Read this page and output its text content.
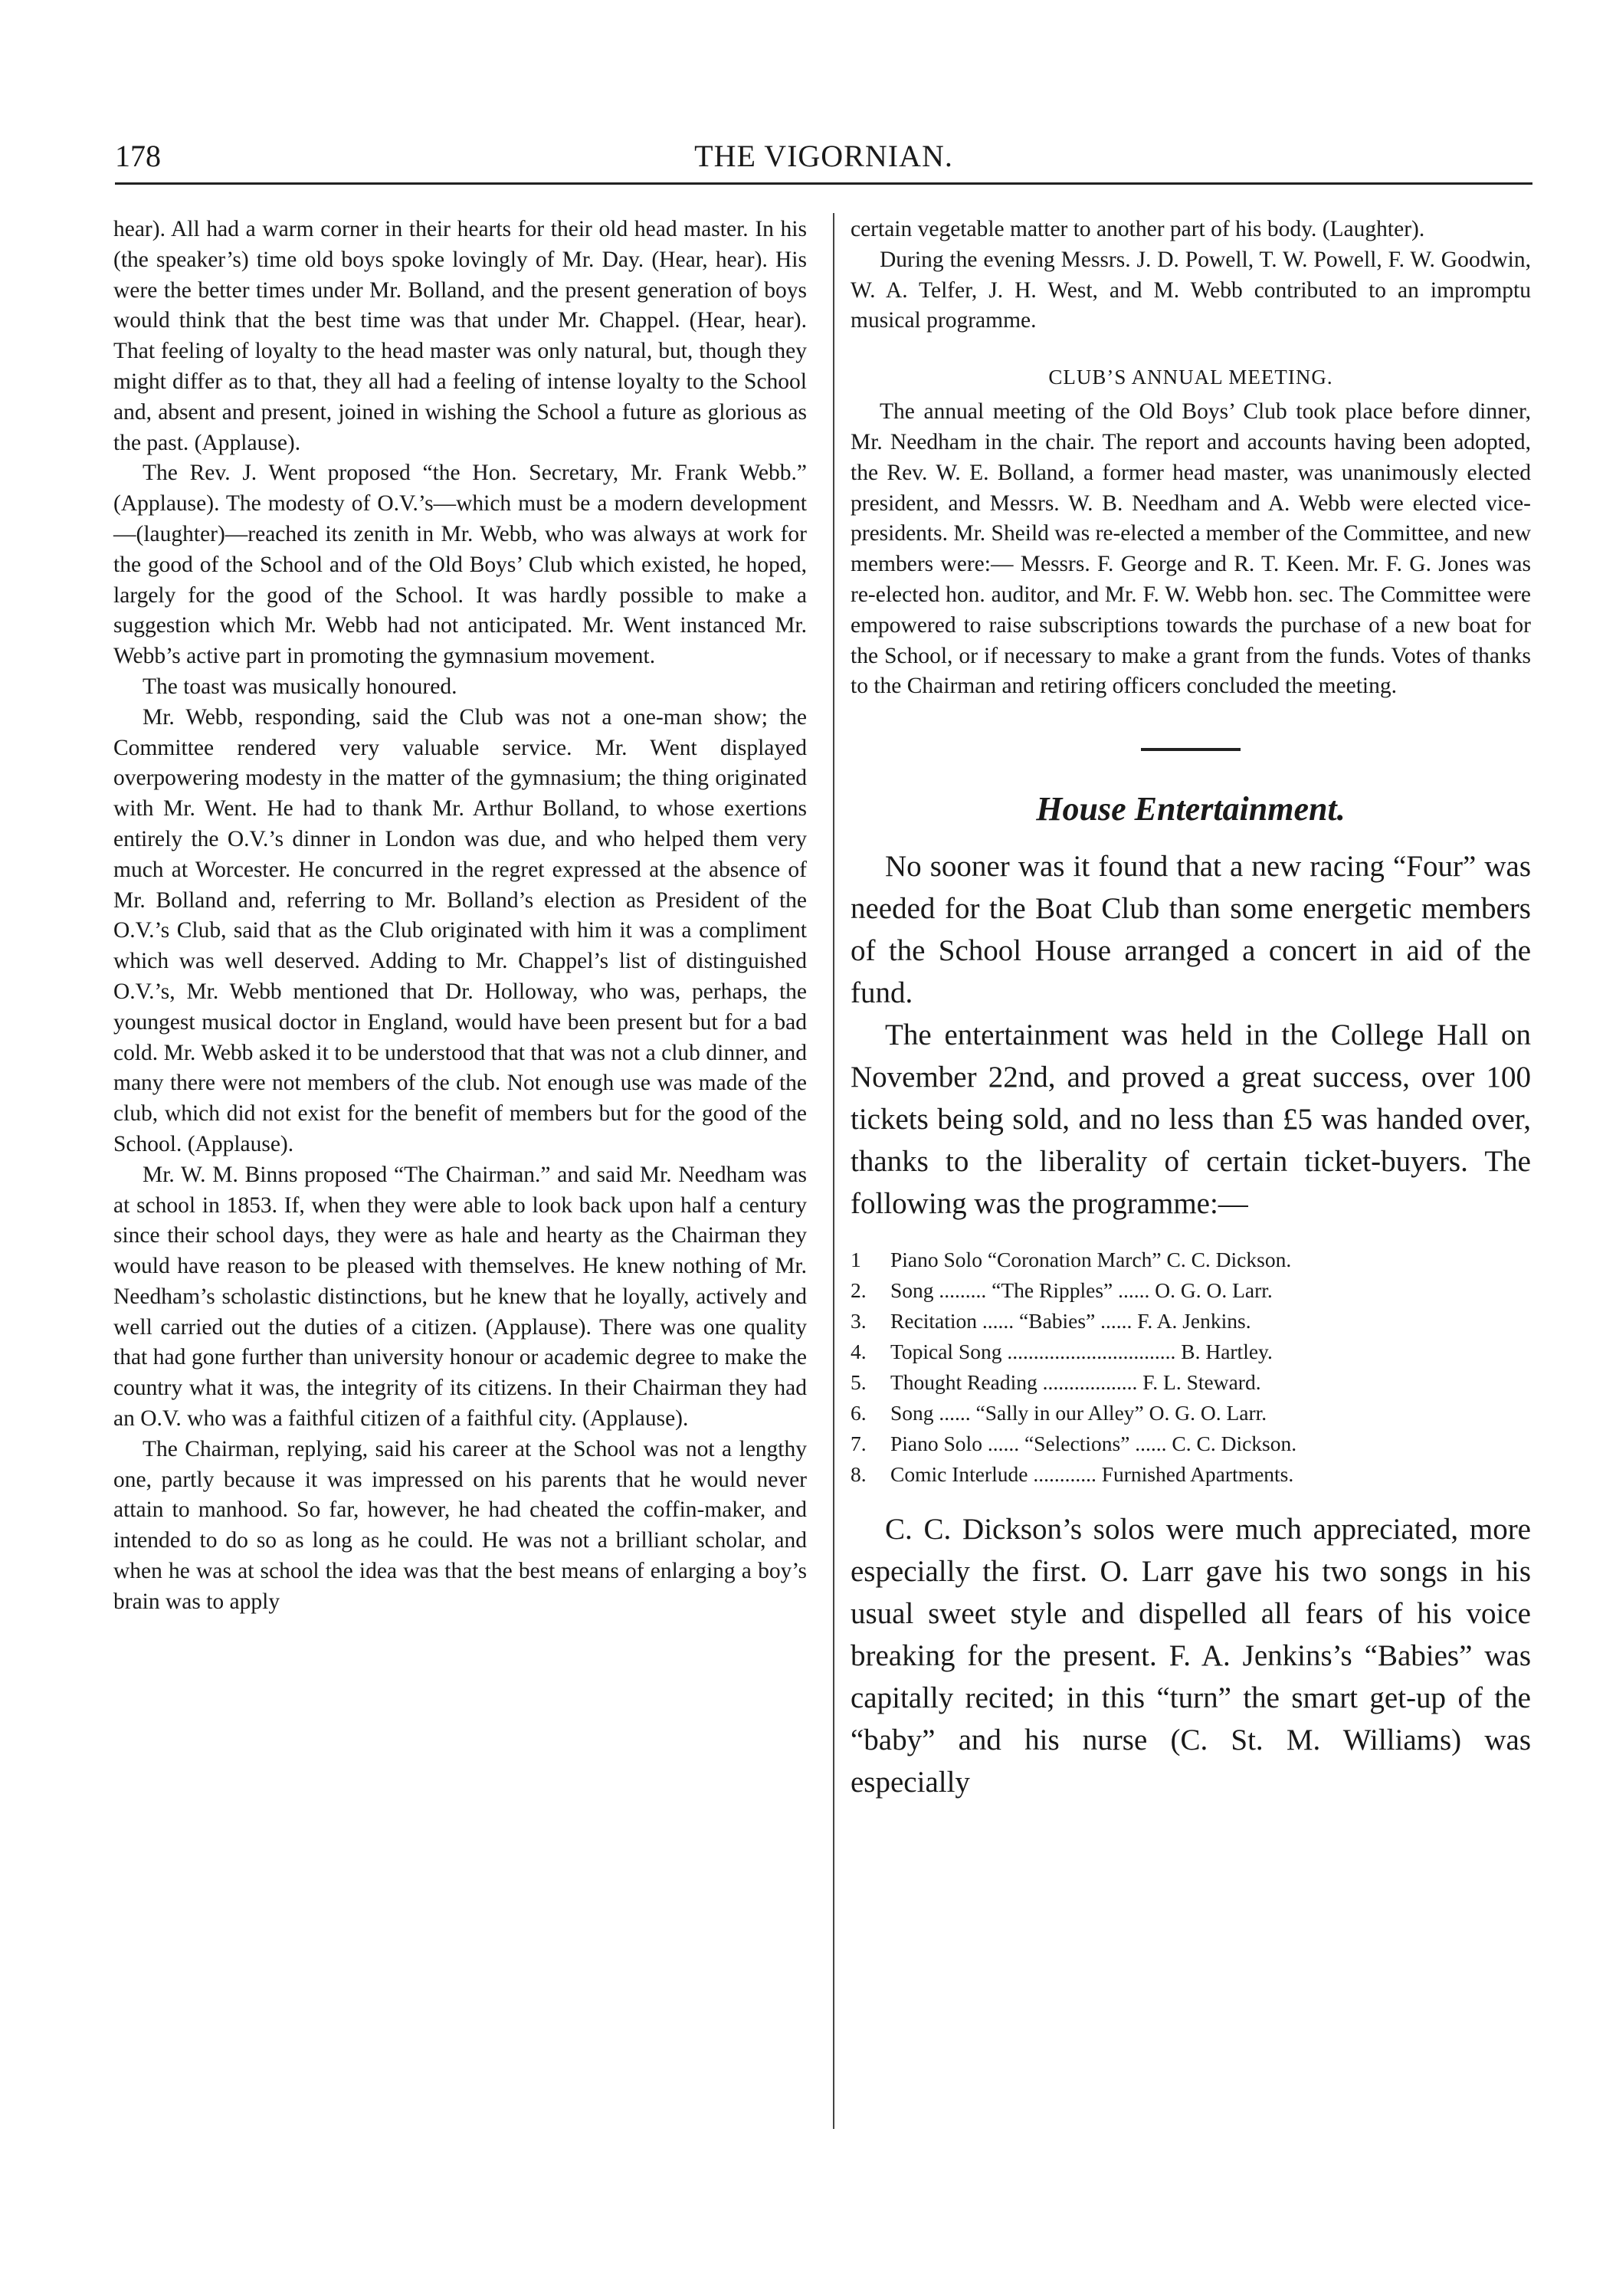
178	THE VIGORNIAN.

hear). All had a warm corner in their hearts for their old head master. In his (the speaker’s) time old boys spoke lovingly of Mr. Day. (Hear, hear). His were the better times under Mr. Bolland, and the present generation of boys would think that the best time was that under Mr. Chappel. (Hear, hear). That feeling of loyalty to the head master was only natural, but, though they might differ as to that, they all had a feeling of intense loyalty to the School and, absent and present, joined in wishing the School a future as glorious as the past. (Applause).

The Rev. J. Went proposed “the Hon. Secretary, Mr. Frank Webb.” (Applause). The modesty of O.V.’s—which must be a modern development—(laughter)—reached its zenith in Mr. Webb, who was always at work for the good of the School and of the Old Boys’ Club which existed, he hoped, largely for the good of the School. It was hardly possible to make a suggestion which Mr. Webb had not anticipated. Mr. Went instanced Mr. Webb’s active part in promoting the gymnasium movement.

The toast was musically honoured.

Mr. Webb, responding, said the Club was not a one-man show; the Committee rendered very valuable service. Mr. Went displayed overpowering modesty in the matter of the gymnasium; the thing originated with Mr. Went. He had to thank Mr. Arthur Bolland, to whose exertions entirely the O.V.’s dinner in London was due, and who helped them very much at Worcester. He concurred in the regret expressed at the absence of Mr. Bolland and, referring to Mr. Bolland’s election as President of the O.V.’s Club, said that as the Club originated with him it was a compliment which was well deserved. Adding to Mr. Chappel’s list of distinguished O.V.’s, Mr. Webb mentioned that Dr. Holloway, who was, perhaps, the youngest musical doctor in England, would have been present but for a bad cold. Mr. Webb asked it to be understood that that was not a club dinner, and many there were not members of the club. Not enough use was made of the club, which did not exist for the benefit of members but for the good of the School. (Applause).

Mr. W. M. Binns proposed “The Chairman.” and said Mr. Needham was at school in 1853. If, when they were able to look back upon half a century since their school days, they were as hale and hearty as the Chairman they would have reason to be pleased with themselves. He knew nothing of Mr. Needham’s scholastic distinctions, but he knew that he loyally, actively and well carried out the duties of a citizen. (Applause). There was one quality that had gone further than university honour or academic degree to make the country what it was, the integrity of its citizens. In their Chairman they had an O.V. who was a faithful citizen of a faithful city. (Applause).

The Chairman, replying, said his career at the School was not a lengthy one, partly because it was impressed on his parents that he would never attain to manhood. So far, however, he had cheated the coffin-maker, and intended to do so as long as he could. He was not a brilliant scholar, and when he was at school the idea was that the best means of enlarging a boy’s brain was to apply

certain vegetable matter to another part of his body. (Laughter).

During the evening Messrs. J. D. Powell, T. W. Powell, F. W. Goodwin, W. A. Telfer, J. H. West, and M. Webb contributed to an impromptu musical programme.

CLUB’S ANNUAL MEETING.

The annual meeting of the Old Boys’ Club took place before dinner, Mr. Needham in the chair. The report and accounts having been adopted, the Rev. W. E. Bolland, a former head master, was unanimously elected president, and Messrs. W. B. Needham and A. Webb were elected vice-presidents. Mr. Sheild was re-elected a member of the Committee, and new members were:— Messrs. F. George and R. T. Keen. Mr. F. G. Jones was re-elected hon. auditor, and Mr. F. W. Webb hon. sec. The Committee were empowered to raise subscriptions towards the purchase of a new boat for the School, or if necessary to make a grant from the funds. Votes of thanks to the Chairman and retiring officers concluded the meeting.

House Entertainment.

No sooner was it found that a new racing “Four” was needed for the Boat Club than some energetic members of the School House arranged a concert in aid of the fund.

The entertainment was held in the College Hall on November 22nd, and proved a great success, over 100 tickets being sold, and no less than £5 was handed over, thanks to the liberality of certain ticket-buyers. The following was the programme:—

1	Piano Solo “Coronation March” C. C. Dickson.
2.	Song ......... “The Ripples” ...... O. G. O. Larr.
3.	Recitation ...... “Babies” ...... F. A. Jenkins.
4.	Topical Song ................................ B. Hartley.
5.	Thought Reading .................. F. L. Steward.
6.	Song ...... “Sally in our Alley” O. G. O. Larr.
7.	Piano Solo ...... “Selections” ...... C. C. Dickson.
8.	Comic Interlude ............ Furnished Apartments.

C. C. Dickson’s solos were much appreciated, more especially the first. O. Larr gave his two songs in his usual sweet style and dispelled all fears of his voice breaking for the present. F. A. Jenkins’s “Babies” was capitally recited; in this “turn” the smart get-up of the “baby” and his nurse (C. St. M. Williams) was especially
